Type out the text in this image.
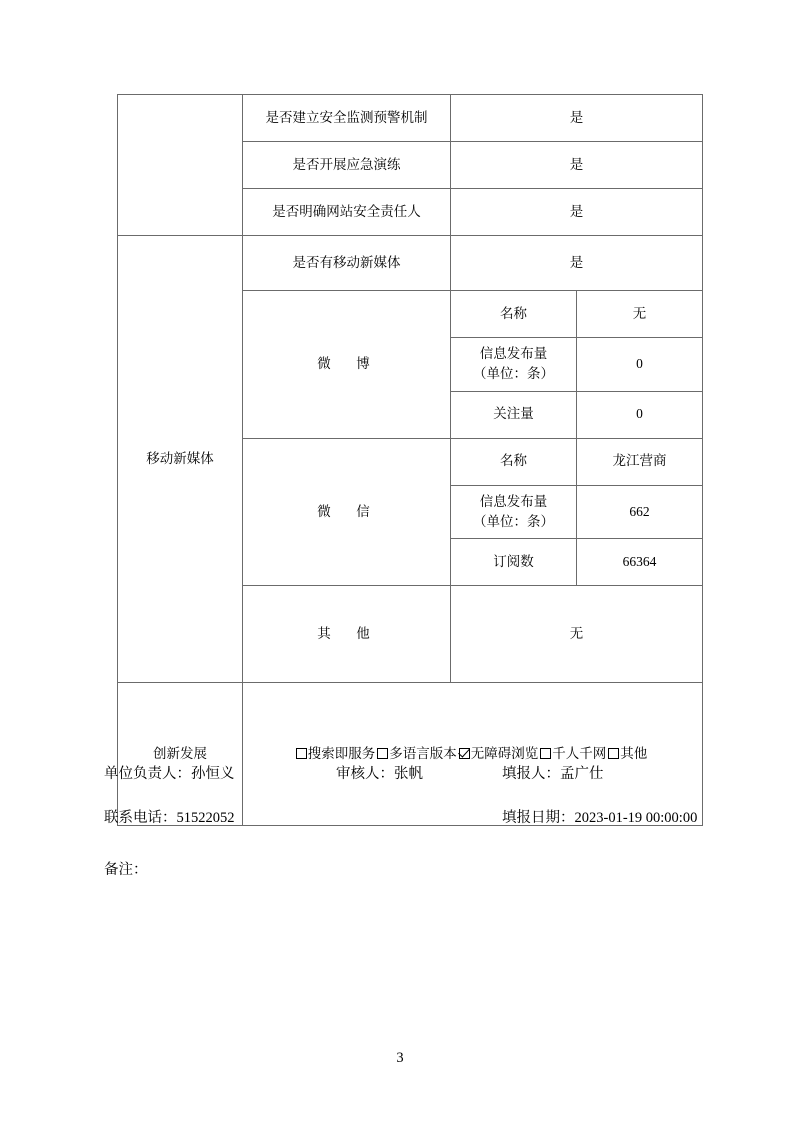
	是否建立安全监测预警机制	是	
	是否开展应急演练	是	
	是否明确网站安全责任人	是	
移动新媒体	是否有移动新媒体	是	
	微　博	名称	无
		信息发布量
（单位：条）	0
		关注量	0
	微　信	名称	龙江营商
		信息发布量
（单位：条）	662
		订阅数	66364
	其　他	无	
创新发展	搜索即服务 多语言版本 无障碍浏览 千人千网 其他		
单位负责人：孙恒义	审核人：张帆	填报人：孟广仕
联系电话：51522052	填报日期：2023-01-19 00:00:00
备注：
3
